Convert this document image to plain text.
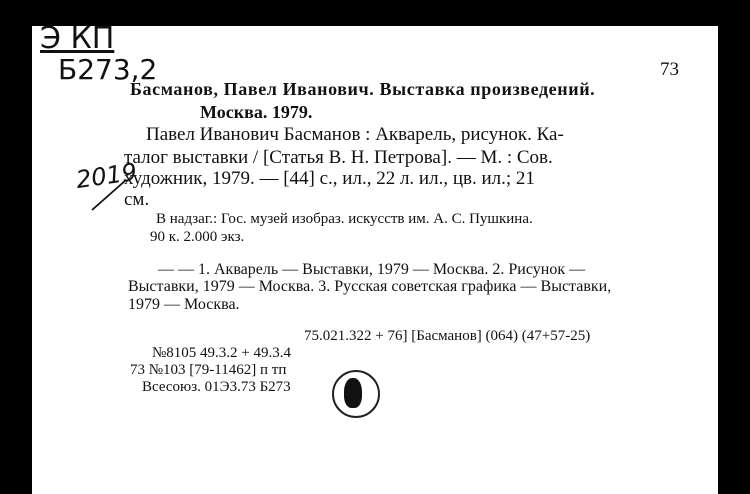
Э КП
Б273,2
2019
73
Басманов, Павел Иванович. Выставка произведений.
Москва. 1979.
Павел Иванович Басманов : Акварель, рисунок. Ка-
талог выставки / [Статья В. Н. Петрова]. — М. : Сов.
художник, 1979. — [44] с., ил., 22 л. ил., цв. ил.; 21
см.
В надзаг.: Гос. музей изобраз. искусств им. А. С. Пушкина.
90 к. 2.000 экз.
— — 1. Акварель — Выставки, 1979 — Москва. 2. Рисунок —
Выставки, 1979 — Москва. 3. Русская советская графика — Выставки,
1979 — Москва.
75.021.322 + 76] [Басманов] (064) (47+57-25)
№8105 49.3.2 + 49.3.4
73 №103 [79-11462] п тп
Всесоюз. 01Э3.73 Б273
